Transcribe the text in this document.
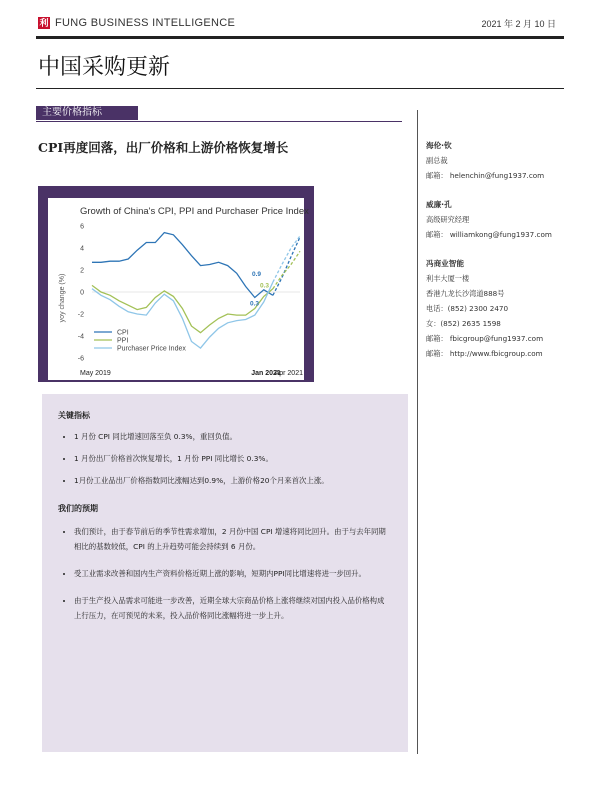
利 FUNG BUSINESS INTELLIGENCE	2021 年 2 月 10 日
中国采购更新
主要价格指标
CPI再度回落，出厂价格和上游价格恢复增长	海伦·钦
副总裁
邮箱： helenchin@fung1937.com
威廉·孔
高级研究经理
邮箱： williamkong@fung1937.com
冯商业智能
利丰大厦一楼
香港九龙长沙湾道888号
电话：(852) 2300 2470
女：(852) 2635 1598
邮箱： fbicgroup@fung1937.com
邮箱： http://www.fbicgroup.com
Growth of China's CPI, PPI and Purchaser Price Index
yoy change (%)
6
4
2
0
-2
-4
-6
May 2019	Jan 2021
Apr 2021
0.9
0.3
0.3
CPI
PPI
Purchaser Price Index
关键指标
• 1 月份 CPI 同比增速回落至负 0.3%，重回负值。
• 1 月份出厂价格首次恢复增长，1 月份 PPI 同比增长 0.3%。
• 1月份工业品出厂价格指数同比涨幅达到0.9%，上游价格20个月来首次上涨。
我们的预期
• 我们预计，由于春节前后的季节性需求增加，2 月份中国 CPI 增速将同比回升。由于与去年同期相比的基数较低，CPI 的上升趋势可能会持续到 6 月份。
• 受工业需求改善和国内生产资料价格近期上涨的影响，短期内PPI同比增速将进一步回升。
• 由于生产投入品需求可能进一步改善，近期全球大宗商品价格上涨将继续对国内投入品价格构成上行压力，在可预见的未来，投入品价格同比涨幅将进一步上升。
